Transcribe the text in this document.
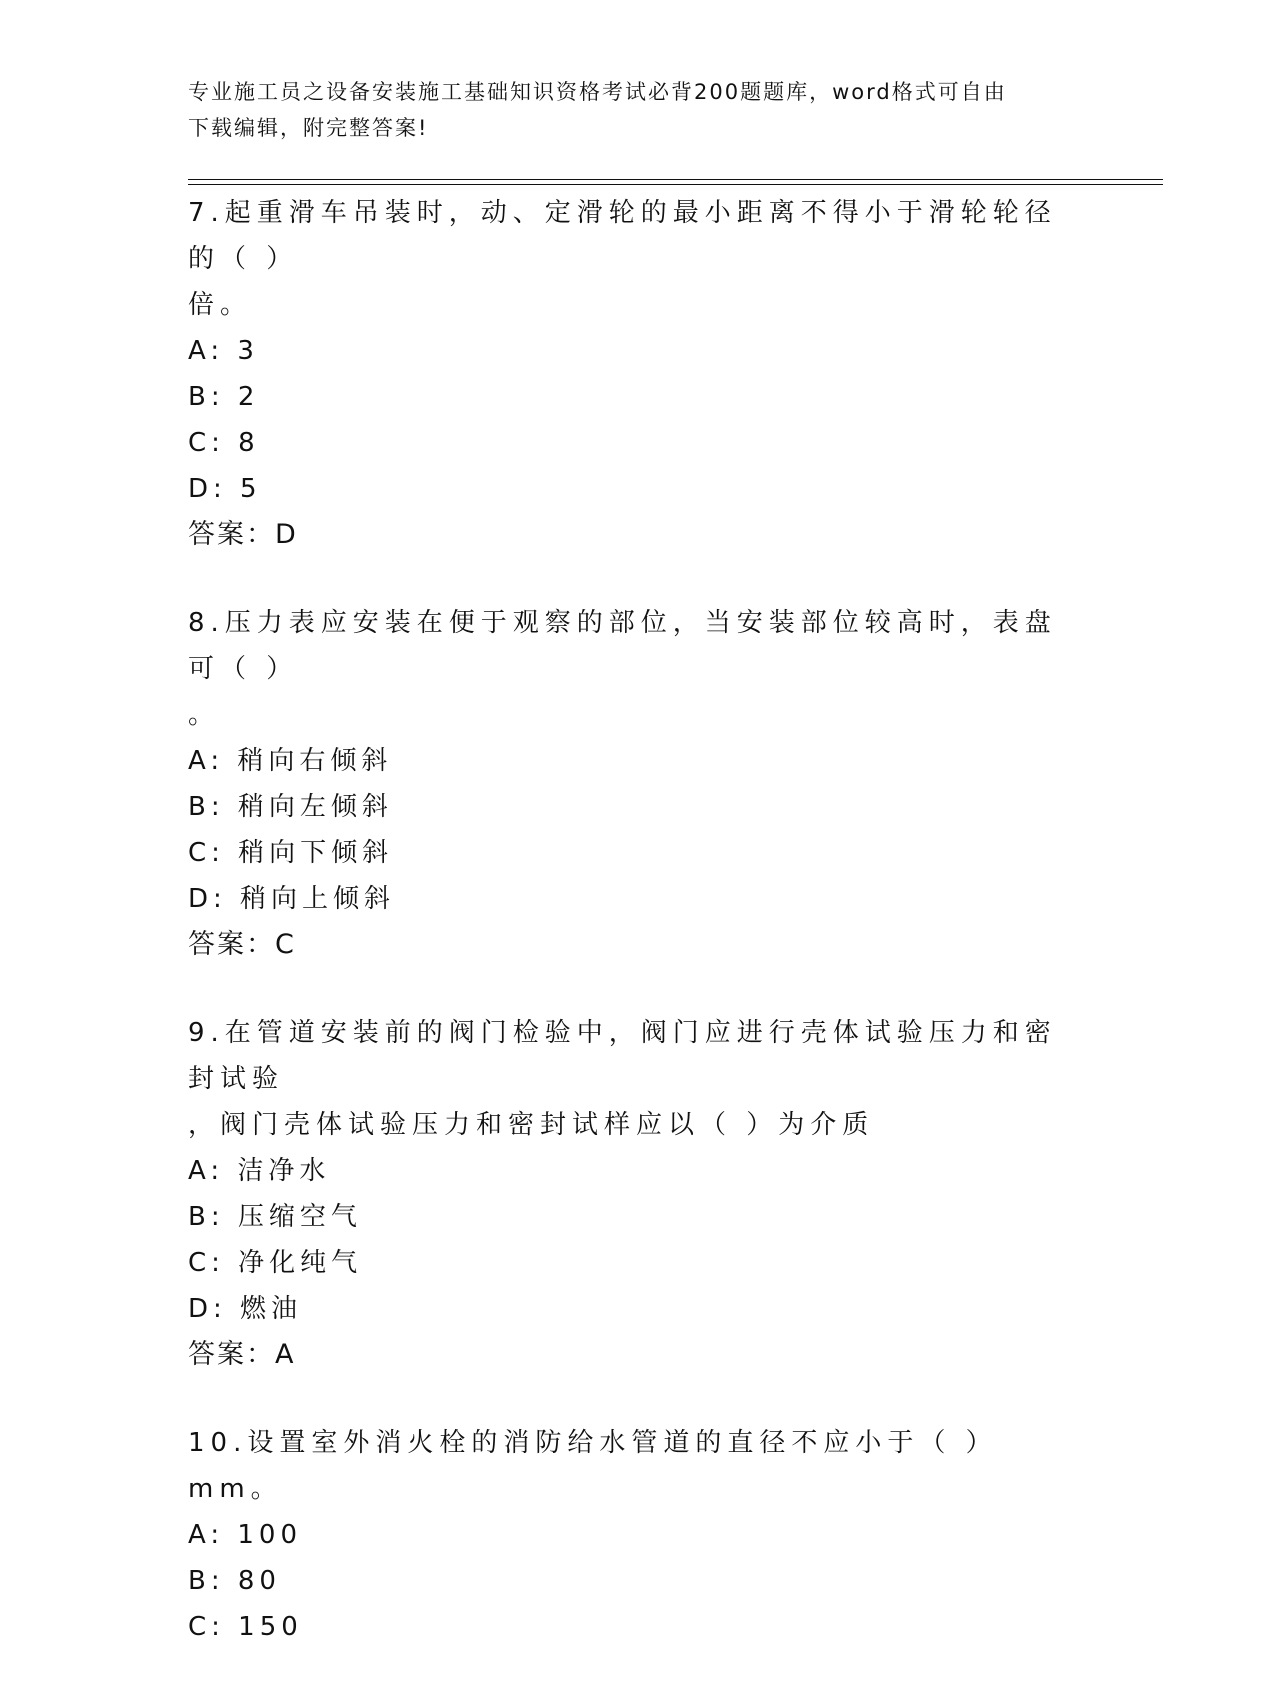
专业施工员之设备安装施工基础知识资格考试必背200题题库，word格式可自由
下载编辑，附完整答案!

7.起重滑车吊装时，动、定滑轮的最小距离不得小于滑轮轮径的（ ）

倍。

A: 3

B: 2

C: 8

D: 5

答案：D

8.压力表应安装在便于观察的部位，当安装部位较高时，表盘可（ ）

。

A: 稍向右倾斜

B: 稍向左倾斜

C: 稍向下倾斜

D: 稍向上倾斜

答案：C

9.在管道安装前的阀门检验中，阀门应进行壳体试验压力和密封试验

，阀门壳体试验压力和密封试样应以（ ）为介质

A: 洁净水

B: 压缩空气

C: 净化纯气

D: 燃油

答案：A

10.设置室外消火栓的消防给水管道的直径不应小于（ ）mm。

A: 100

B: 80

C: 150
